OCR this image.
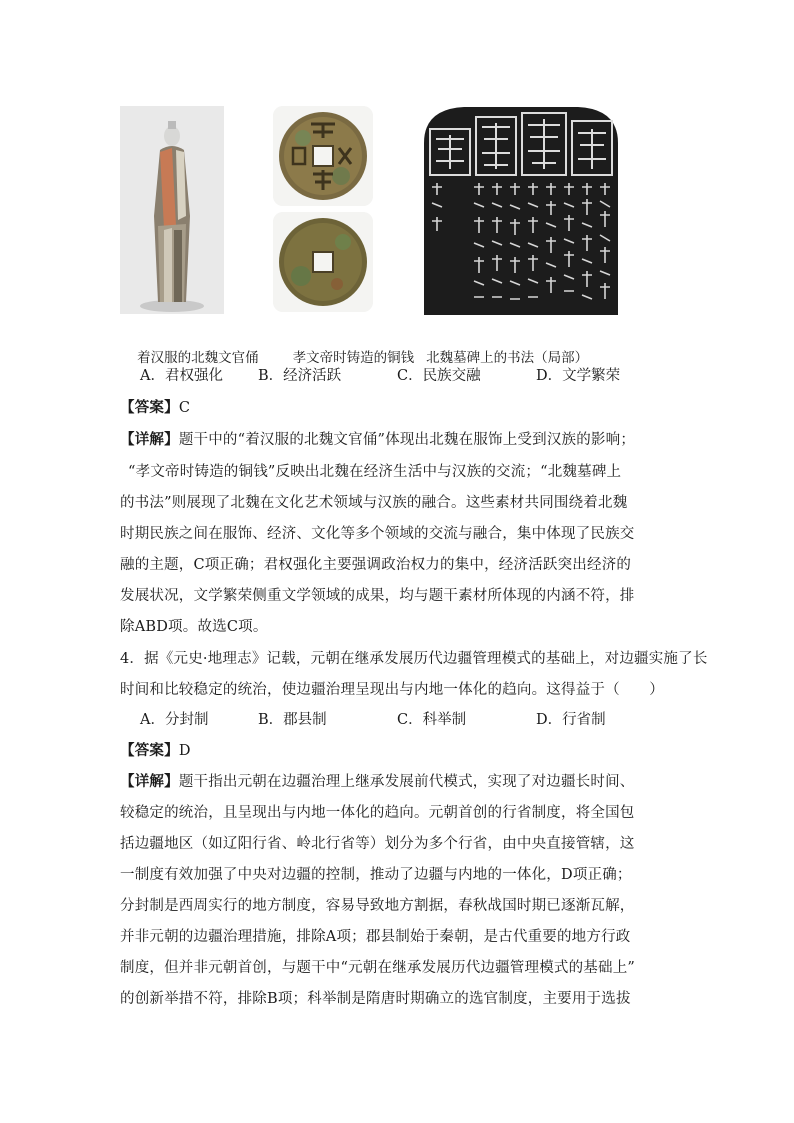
着汉服的北魏文官俑	孝文帝时铸造的铜钱 北魏墓碑上的书法（局部）

A．君权强化 B．经济活跃	C．民族交融	D．文学繁荣
【答案】C
【详解】题干中的“着汉服的北魏文官俑”体现出北魏在服饰上受到汉族的影响；
“孝文帝时铸造的铜钱”反映出北魏在经济生活中与汉族的交流；“北魏墓碑上
的书法”则展现了北魏在文化艺术领域与汉族的融合。这些素材共同围绕着北魏
时期民族之间在服饰、经济、文化等多个领域的交流与融合，集中体现了民族交
融的主题，C项正确；君权强化主要强调政治权力的集中，经济活跃突出经济的
发展状况，文学繁荣侧重文学领域的成果，均与题干素材所体现的内涵不符，排
除ABD项。故选C项。
4．据《元史·地理志》记载，元朝在继承发展历代边疆管理模式的基础上，对边疆实施了长
时间和比较稳定的统治，使边疆治理呈现出与内地一体化的趋向。这得益于（　　）
A．分封制	B．郡县制	C．科举制	D．行省制
【答案】D
【详解】题干指出元朝在边疆治理上继承发展前代模式，实现了对边疆长时间、
较稳定的统治，且呈现出与内地一体化的趋向。元朝首创的行省制度，将全国包
括边疆地区（如辽阳行省、岭北行省等）划分为多个行省，由中央直接管辖，这
一制度有效加强了中央对边疆的控制，推动了边疆与内地的一体化，D项正确；
分封制是西周实行的地方制度，容易导致地方割据，春秋战国时期已逐渐瓦解，
并非元朝的边疆治理措施，排除A项；郡县制始于秦朝，是古代重要的地方行政
制度，但并非元朝首创，与题干中“元朝在继承发展历代边疆管理模式的基础上”
的创新举措不符，排除B项；科举制是隋唐时期确立的选官制度，主要用于选拔
